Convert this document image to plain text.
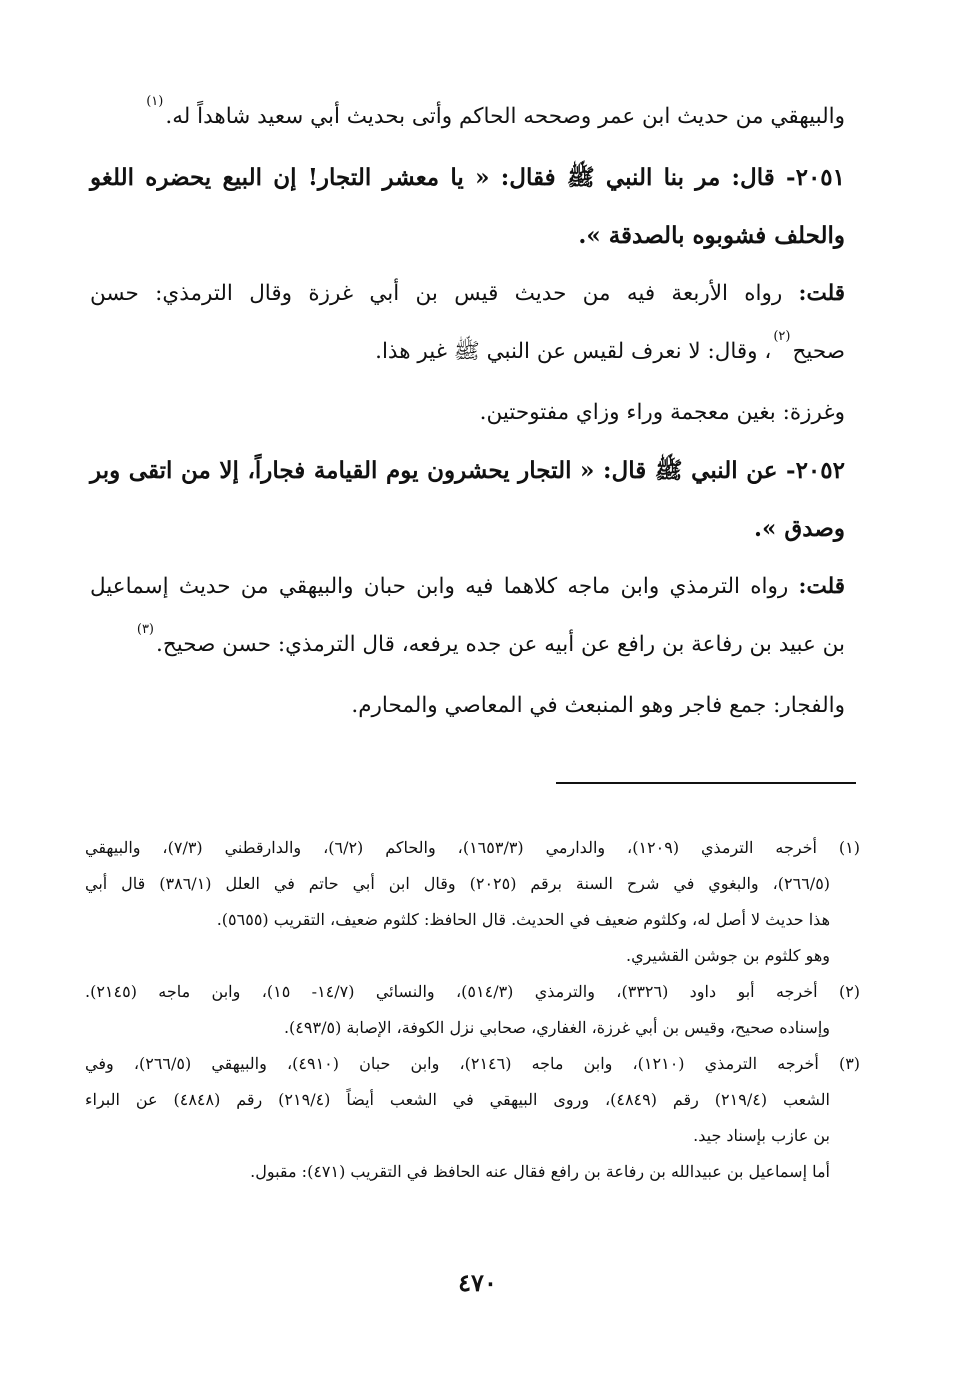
والبيهقي من حديث ابن عمر وصححه الحاكم وأتى بحديث أبي سعيد شاهداً له.$^{(١)}$
٢٠٥١- قال: مر بنا النبي ﷺ فقال: « يا معشر التجار! إن البيع يحضره اللغو
والحلف فشوبوه بالصدقة ».
قلت: رواه الأربعة فيه من حديث قيس بن أبي غرزة وقال الترمذي: حسن
صحيح$^{(٢)}$، وقال: لا نعرف لقيس عن النبي ﷺ غير هذا.
وغرزة: بغين معجمة وراء وزاي مفتوحتين.
٢٠٥٢- عن النبي ﷺ قال: « التجار يحشرون يوم القيامة فجاراً، إلا من اتقى وبر
وصدق ».
قلت: رواه الترمذي وابن ماجه كلاهما فيه وابن حبان والبيهقي من حديث إسماعيل
بن عبيد بن رفاعة بن رافع عن أبيه عن جده يرفعه، قال الترمذي: حسن صحيح.$^{(٣)}$
والفجار: جمع فاجر وهو المنبعث في المعاصي والمحارم.
(١) أخرجه الترمذي (١٢٠٩)، والدارمي (١٦٥٣/٣)، والحاكم (٦/٢)، والدارقطني (٧/٣)، والبيهقي
(٢٦٦/٥)، والبغوي في شرح السنة برقم (٢٠٢٥) وقال ابن أبي حاتم في العلل (٣٨٦/١) قال أبي
هذا حديث لا أصل له، وكلثوم ضعيف في الحديث. قال الحافظ: كلثوم ضعيف، التقريب (٥٦٥٥).
وهو كلثوم بن جوشن القشيري.
(٢) أخرجه أبو داود (٣٣٢٦)، والترمذي (٥١٤/٣)، والنسائي (١٤/٧- ١٥)، وابن ماجه (٢١٤٥).
وإسناده صحيح، وقيس بن أبي غرزة، الغفاري، صحابي نزل الكوفة، الإصابة (٤٩٣/٥).
(٣) أخرجه الترمذي (١٢١٠)، وابن ماجه (٢١٤٦)، وابن حبان (٤٩١٠)، والبيهقي (٢٦٦/٥)، وفي
الشعب (٢١٩/٤) رقم (٤٨٤٩)، وروى البيهقي في الشعب أيضاً (٢١٩/٤) رقم (٤٨٤٨) عن البراء
بن عازب بإسناد جيد.
أما إسماعيل بن عبيدالله بن رفاعة بن رافع فقال عنه الحافظ في التقريب (٤٧١): مقبول.
٤٧٠
